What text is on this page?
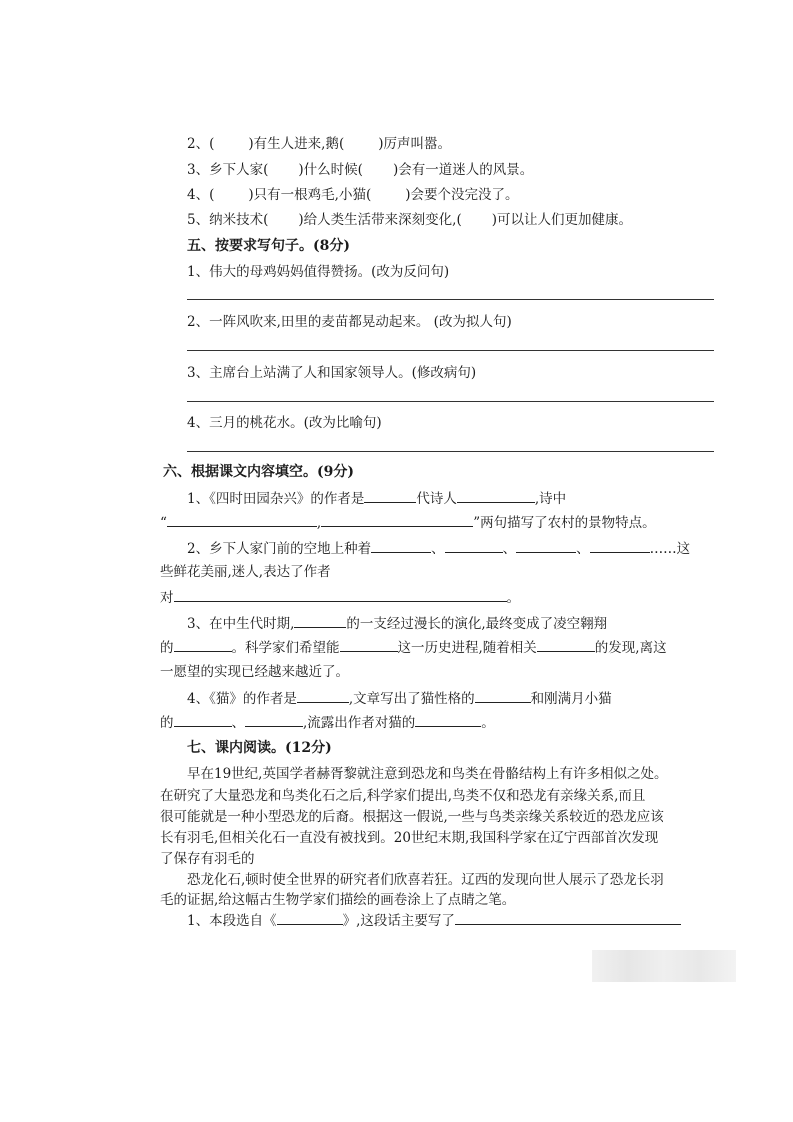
2、(	)有生人进来,鹅(	)厉声叫嚣。
3、乡下人家( )什么时候( )会有一道迷人的风景。
4、(	)只有一根鸡毛,小猫(	)会要个没完没了。
5、纳米技术( )给人类生活带来深刻变化,( )可以让人们更加健康。
五、按要求写句子。(8分)
1、伟大的母鸡妈妈值得赞扬。(改为反问句)
2、一阵风吹来,田里的麦苗都晃动起来。 (改为拟人句)
3、主席台上站满了人和国家领导人。(修改病句)
4、三月的桃花水。(改为比喻句)
六、根据课文内容填空。(9分)
1、《四时田园杂兴》的作者是	代诗人	,诗中
“	,	”两句描写了农村的景物特点。
2、乡下人家门前的空地上种着	、	、	、	……这
些鲜花美丽,迷人,表达了作者
对	。
3、在中生代时期,	的一支经过漫长的演化,最终变成了凌空翱翔
的	。科学家们希望能	这一历史进程,随着相关	的发现,离这
一愿望的实现已经越来越近了。
4、《猫》的作者是	,文章写出了猫性格的	和刚满月小猫
的	、	,流露出作者对猫的	。
七、课内阅读。(12分)
早在19世纪,英国学者赫胥黎就注意到恐龙和鸟类在骨骼结构上有许多相似之处。
在研究了大量恐龙和鸟类化石之后,科学家们提出,鸟类不仅和恐龙有亲缘关系,而且
很可能就是一种小型恐龙的后裔。根据这一假说,一些与鸟类亲缘关系较近的恐龙应该
长有羽毛,但相关化石一直没有被找到。20世纪末期,我国科学家在辽宁西部首次发现
了保存有羽毛的
恐龙化石,顿时使全世界的研究者们欣喜若狂。辽西的发现向世人展示了恐龙长羽
毛的证据,给这幅古生物学家们描绘的画卷涂上了点睛之笔。
1、本段选自《	》,这段话主要写了
